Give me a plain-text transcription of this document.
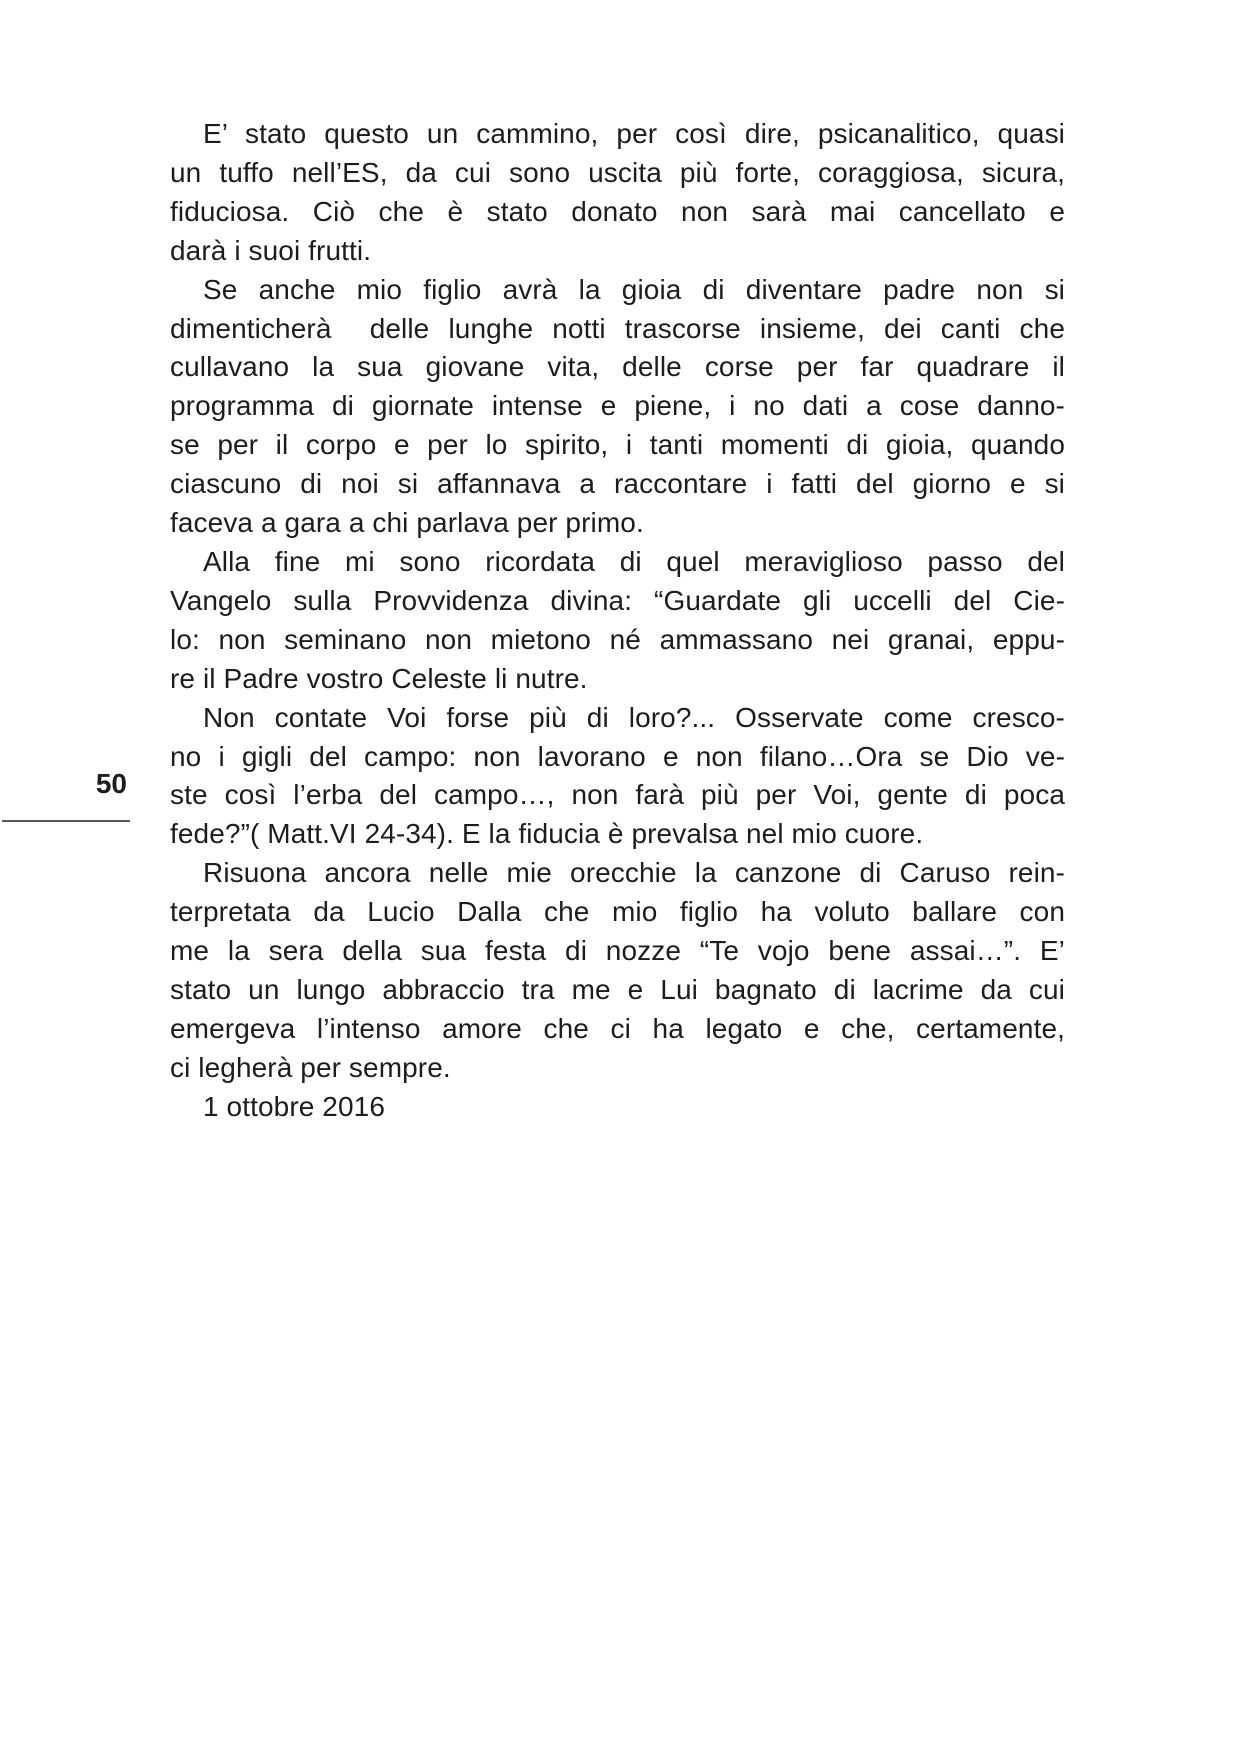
50
E’ stato questo un cammino, per così dire, psicanalitico, quasi
un tuffo nell’ES, da cui sono uscita più forte, coraggiosa, sicura,
fiduciosa. Ciò che è stato donato non sarà mai cancellato e
darà i suoi frutti.
Se anche mio figlio avrà la gioia di diventare padre non si
dimenticherà  delle lunghe notti trascorse insieme, dei canti che
cullavano la sua giovane vita, delle corse per far quadrare il
programma di giornate intense e piene, i no dati a cose danno-
se per il corpo e per lo spirito, i tanti momenti di gioia, quando
ciascuno di noi si affannava a raccontare i fatti del giorno e si
faceva a gara a chi parlava per primo.
Alla fine mi sono ricordata di quel meraviglioso passo del
Vangelo sulla Provvidenza divina: “Guardate gli uccelli del Cie-
lo: non seminano non mietono né ammassano nei granai, eppu-
re il Padre vostro Celeste li nutre.
Non contate Voi forse più di loro?... Osservate come cresco-
no i gigli del campo: non lavorano e non filano…Ora se Dio ve-
ste così l’erba del campo…, non farà più per Voi, gente di poca
fede?”( Matt.VI 24-34). E la fiducia è prevalsa nel mio cuore.
Risuona ancora nelle mie orecchie la canzone di Caruso rein-
terpretata da Lucio Dalla che mio figlio ha voluto ballare con
me la sera della sua festa di nozze “Te vojo bene assai…”. E’
stato un lungo abbraccio tra me e Lui bagnato di lacrime da cui
emergeva l’intenso amore che ci ha legato e che, certamente,
ci legherà per sempre.
1 ottobre 2016
